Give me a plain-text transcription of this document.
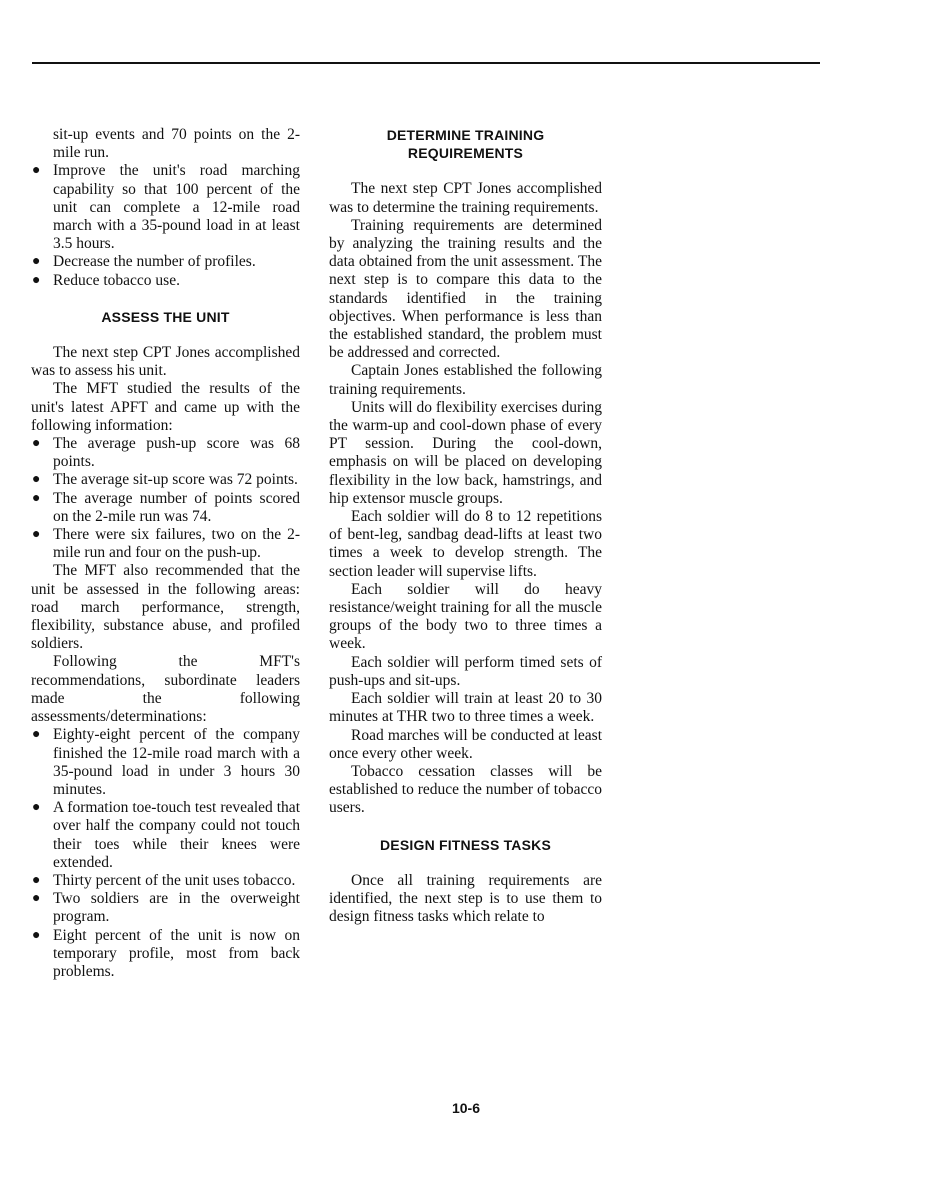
sit-up events and 70 points on the 2-mile run.

● Improve the unit's road marching capability so that 100 percent of the unit can complete a 12-mile road march with a 35-pound load in at least 3.5 hours.
● Decrease the number of profiles.
● Reduce tobacco use.
ASSESS THE UNIT

The next step CPT Jones accomplished was to assess his unit.

The MFT studied the results of the unit's latest APFT and came up with the following information:

● The average push-up score was 68 points.
● The average sit-up score was 72 points.
● The average number of points scored on the 2-mile run was 74.
● There were six failures, two on the 2-mile run and four on the push-up.

The MFT also recommended that the unit be assessed in the following areas: road march performance, strength, flexibility, substance abuse, and profiled soldiers.

Following the MFT's recommendations, subordinate leaders made the following assessments/determinations:

● Eighty-eight percent of the company finished the 12-mile road march with a 35-pound load in under 3 hours 30 minutes.
● A formation toe-touch test revealed that over half the company could not touch their toes while their knees were extended.
● Thirty percent of the unit uses tobacco.
● Two soldiers are in the overweight program.
● Eight percent of the unit is now on temporary profile, most from back problems.
DETERMINE TRAINING
REQUIREMENTS

The next step CPT Jones accomplished was to determine the training requirements.

Training requirements are determined by analyzing the training results and the data obtained from the unit assessment. The next step is to compare this data to the standards identified in the training objectives. When performance is less than the established standard, the problem must be addressed and corrected.

Captain Jones established the following training requirements.

Units will do flexibility exercises during the warm-up and cool-down phase of every PT session. During the cool-down, emphasis on will be placed on developing flexibility in the low back, hamstrings, and hip extensor muscle groups.

Each soldier will do 8 to 12 repetitions of bent-leg, sandbag dead-lifts at least two times a week to develop strength. The section leader will supervise lifts.

Each soldier will do heavy resistance/weight training for all the muscle groups of the body two to three times a week.

Each soldier will perform timed sets of push-ups and sit-ups.

Each soldier will train at least 20 to 30 minutes at THR two to three times a week.

Road marches will be conducted at least once every other week.

Tobacco cessation classes will be established to reduce the number of tobacco users.

DESIGN FITNESS TASKS

Once all training requirements are identified, the next step is to use them to design fitness tasks which relate to

10-6
